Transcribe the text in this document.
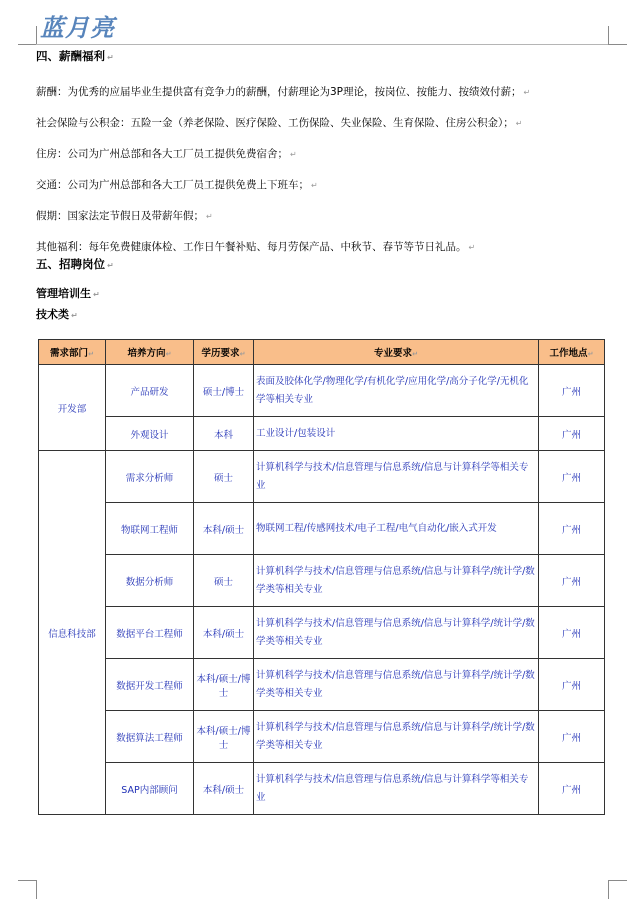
蓝月亮

四、薪酬福利 ↵

薪酬：为优秀的应届毕业生提供富有竞争力的薪酬，付薪理论为3P理论，按岗位、按能力、按绩效付薪； ↵

社会保险与公积金：五险一金（养老保险、医疗保险、工伤保险、失业保险、生育保险、住房公积金）； ↵

住房：公司为广州总部和各大工厂员工提供免费宿舍； ↵

交通：公司为广州总部和各大工厂员工提供免费上下班车； ↵

假期：国家法定节假日及带薪年假； ↵

其他福利：每年免费健康体检、工作日午餐补贴、每月劳保产品、中秋节、春节等节日礼品。 ↵

五、招聘岗位 ↵

管理培训生 ↵

技术类 ↵

需求部门↵	培养方向↵	学历要求↵	专业要求↵	工作地点↵
开发部	产品研发	硕士/博士	表面及胶体化学/物理化学/有机化学/应用化学/高分子化学/无机化学等相关专业	广州
	外观设计	本科	工业设计/包装设计	广州
信息科技部	需求分析师	硕士	计算机科学与技术/信息管理与信息系统/信息与计算科学等相关专业	广州
	物联网工程师	本科/硕士	物联网工程/传感网技术/电子工程/电气自动化/嵌入式开发	广州
	数据分析师	硕士	计算机科学与技术/信息管理与信息系统/信息与计算科学/统计学/数学类等相关专业	广州
	数据平台工程师	本科/硕士	计算机科学与技术/信息管理与信息系统/信息与计算科学/统计学/数学类等相关专业	广州
	数据开发工程师	本科/硕士/博士	计算机科学与技术/信息管理与信息系统/信息与计算科学/统计学/数学类等相关专业	广州
	数据算法工程师	本科/硕士/博士	计算机科学与技术/信息管理与信息系统/信息与计算科学/统计学/数学类等相关专业	广州
	SAP内部顾问	本科/硕士	计算机科学与技术/信息管理与信息系统/信息与计算科学等相关专业	广州
